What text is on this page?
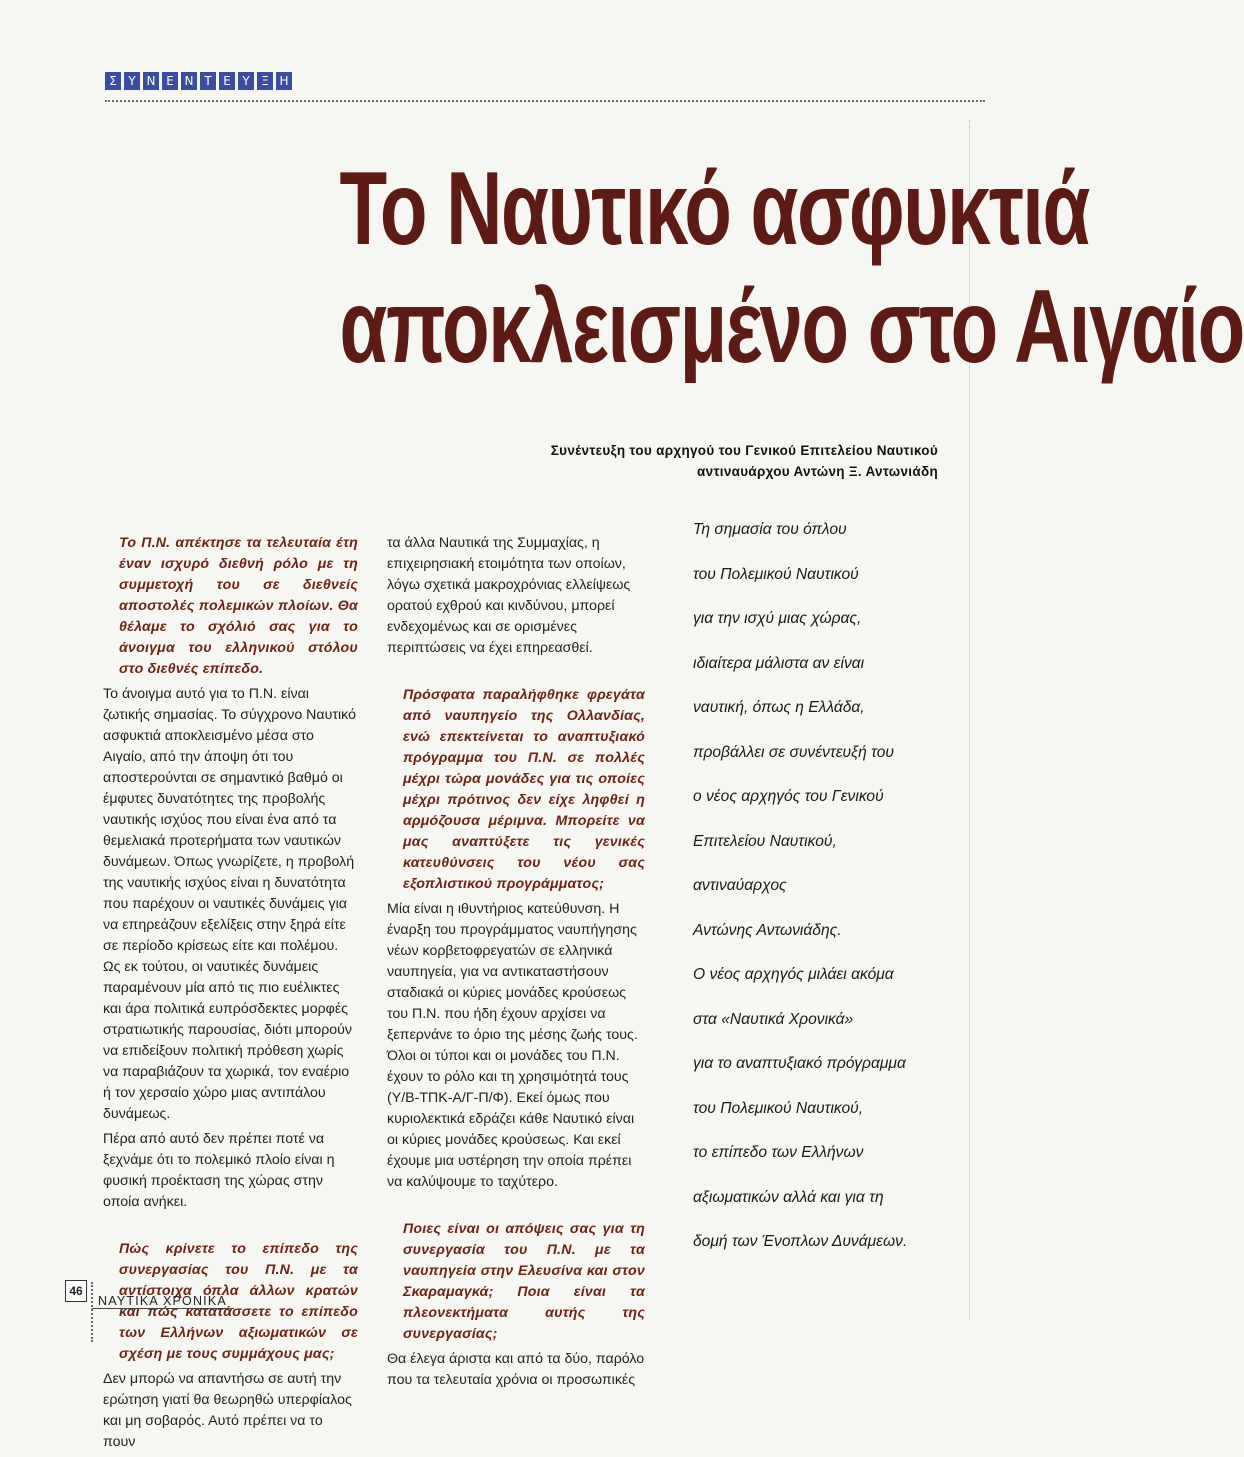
Σ Υ Ν Ε Ν Τ Ε Υ Ξ Η
Το Ναυτικό ασφυκτιά
αποκλεισμένο στο Αιγαίο
Συνέντευξη του αρχηγού του Γενικού Επιτελείου Ναυτικού
αντιναυάρχου Αντώνη Ξ. Αντωνιάδη

Το Π.Ν. απέκτησε τα τελευταία έτη έναν ισχυρό διεθνή ρόλο με τη συμμετοχή του σε διεθνείς αποστολές πολεμικών πλοίων. Θα θέλαμε το σχόλιό σας για το άνοιγμα του ελληνικού στόλου στο διεθνές επίπεδο.

Το άνοιγμα αυτό για το Π.Ν. είναι ζωτικής σημασίας. Το σύγχρονο Ναυτικό ασφυκτιά αποκλεισμένο μέσα στο Αιγαίο, από την άποψη ότι του αποστερούνται σε σημαντικό βαθμό οι έμφυτες δυνατότητες της προβολής ναυτικής ισχύος που είναι ένα από τα θεμελιακά προτερήματα των ναυτικών δυνάμεων. Όπως γνωρίζετε, η προβολή της ναυτικής ισχύος είναι η δυνατότητα που παρέχουν οι ναυτικές δυνάμεις για να επηρεάζουν εξελίξεις στην ξηρά είτε σε περίοδο κρίσεως είτε και πολέμου. Ως εκ τούτου, οι ναυτικές δυνάμεις παραμένουν μία από τις πιο ευέλικτες και άρα πολιτικά ευπρόσδεκτες μορφές στρατιωτικής παρουσίας, διότι μπορούν να επιδείξουν πολιτική πρόθεση χωρίς να παραβιάζουν τα χωρικά, τον εναέριο ή τον χερσαίο χώρο μιας αντιπάλου δυνάμεως.

Πέρα από αυτό δεν πρέπει ποτέ να ξεχνάμε ότι το πολεμικό πλοίο είναι η φυσική προέκταση της χώρας στην οποία ανήκει.

Πώς κρίνετε το επίπεδο της συνεργασίας του Π.Ν. με τα αντίστοιχα όπλα άλλων κρατών και πώς κατατάσσετε το επίπεδο των Ελλήνων αξιωματικών σε σχέση με τους συμμάχους μας;

Δεν μπορώ να απαντήσω σε αυτή την ερώτηση γιατί θα θεωρηθώ υπερφίαλος και μη σοβαρός. Αυτό πρέπει να το πουν

τα άλλα Ναυτικά της Συμμαχίας, η επιχειρησιακή ετοιμότητα των οποίων, λόγω σχετικά μακροχρόνιας ελλείψεως ορατού εχθρού και κινδύνου, μπορεί ενδεχομένως και σε ορισμένες περιπτώσεις να έχει επηρεασθεί.

Πρόσφατα παραλήφθηκε φρεγάτα από ναυπηγείο της Ολλανδίας, ενώ επεκτείνεται το αναπτυξιακό πρόγραμμα του Π.Ν. σε πολλές μέχρι τώρα μονάδες για τις οποίες μέχρι πρότινος δεν είχε ληφθεί η αρμόζουσα μέριμνα. Μπορείτε να μας αναπτύξετε τις γενικές κατευθύνσεις του νέου σας εξοπλιστικού προγράμματος;

Μία είναι η ιθυντήριος κατεύθυνση. Η έναρξη του προγράμματος ναυπήγησης νέων κορβετοφρεγατών σε ελληνικά ναυπηγεία, για να αντικαταστήσουν σταδιακά οι κύριες μονάδες κρούσεως του Π.Ν. που ήδη έχουν αρχίσει να ξεπερνάνε το όριο της μέσης ζωής τους. Όλοι οι τύποι και οι μονάδες του Π.Ν. έχουν το ρόλο και τη χρησιμότητά τους (Υ/Β-ΤΠΚ-Α/Γ-Π/Φ). Εκεί όμως που κυριολεκτικά εδράζει κάθε Ναυτικό είναι οι κύριες μονάδες κρούσεως. Και εκεί έχουμε μια υστέρηση την οποία πρέπει να καλύψουμε το ταχύτερο.

Ποιες είναι οι απόψεις σας για τη συνεργασία του Π.Ν. με τα ναυπηγεία στην Ελευσίνα και στον Σκαραμαγκά; Ποια είναι τα πλεονεκτήματα αυτής της συνεργασίας;

Θα έλεγα άριστα και από τα δύο, παρόλο που τα τελευταία χρόνια οι προσωπικές

Τη σημασία του όπλου
του Πολεμικού Ναυτικού
για την ισχύ μιας χώρας,
ιδιαίτερα μάλιστα αν είναι
ναυτική, όπως η Ελλάδα,
προβάλλει σε συνέντευξή του
ο νέος αρχηγός του Γενικού
Επιτελείου Ναυτικού,
αντιναύαρχος
Αντώνης Αντωνιάδης.
Ο νέος αρχηγός μιλάει ακόμα
στα «Ναυτικά Χρονικά»
για το αναπτυξιακό πρόγραμμα
του Πολεμικού Ναυτικού,
το επίπεδο των Ελλήνων
αξιωματικών αλλά και για τη
δομή των Ένοπλων Δυνάμεων.
46
ΝΑΥΤΙΚΑ ΧΡΟΝΙΚΑ
